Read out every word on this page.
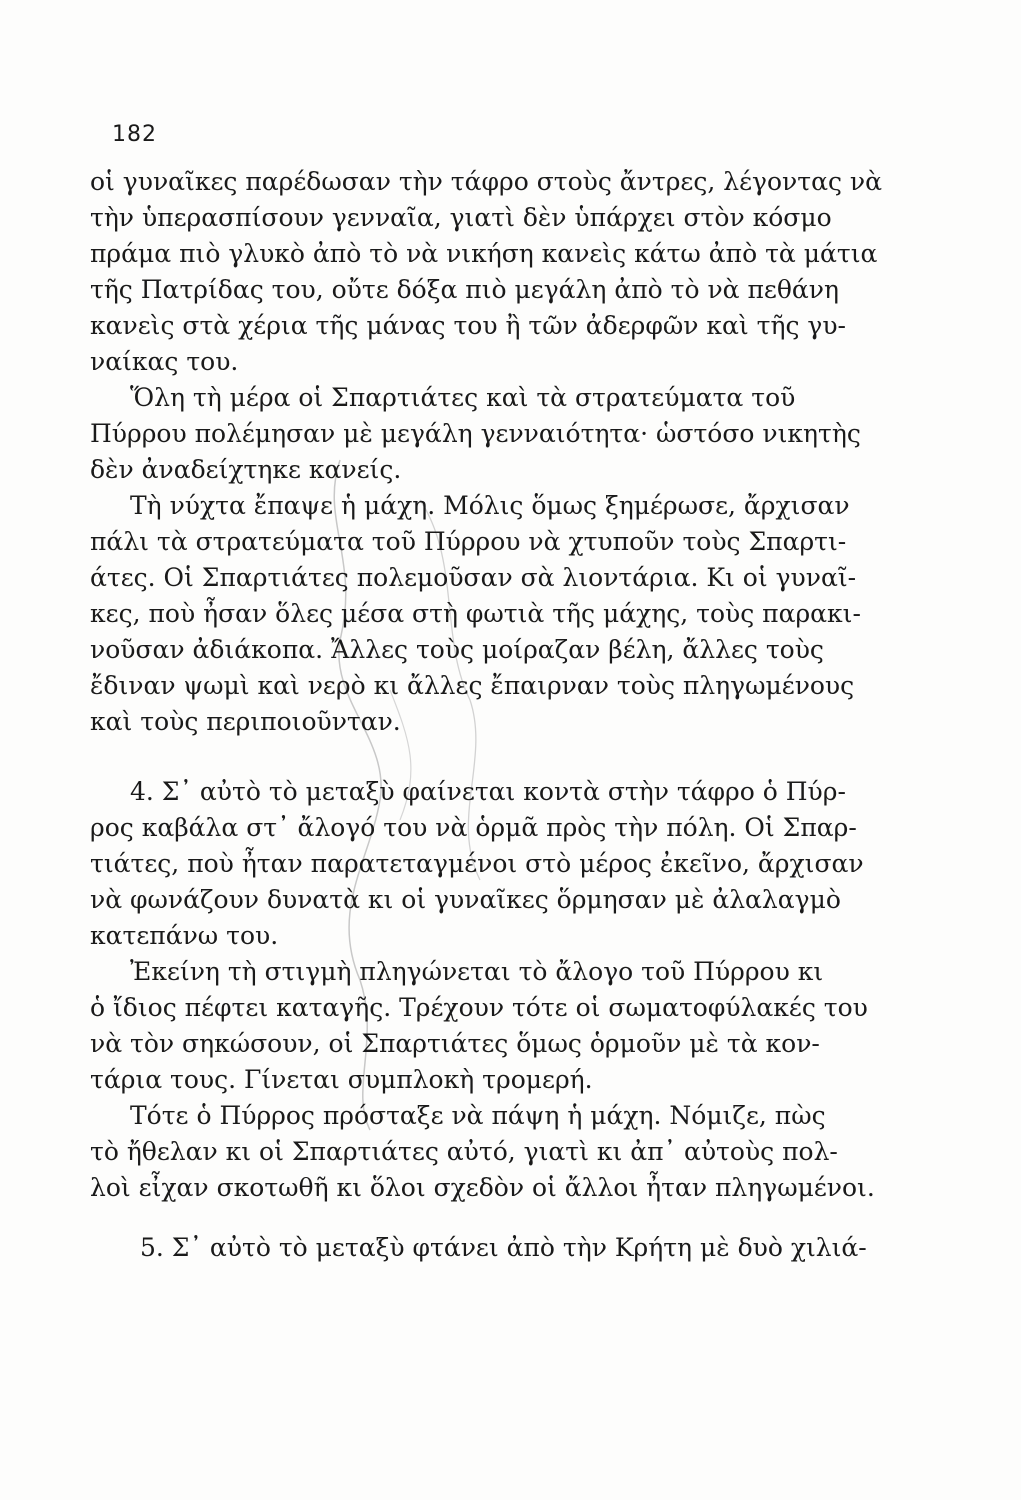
182
οἱ γυναῖκες παρέδωσαν τὴν τάφρο στοὺς ἄντρες, λέγοντας νὰ
τὴν ὑπερασπίσουν γενναῖα, γιατὶ δὲν ὑπάρχει στὸν κόσμο
πράμα πιὸ γλυκὸ ἀπὸ τὸ νὰ νικήση κανεὶς κάτω ἀπὸ τὰ μάτια
τῆς Πατρίδας του, οὔτε δόξα πιὸ μεγάλη ἀπὸ τὸ νὰ πεθάνη
κανεὶς στὰ χέρια τῆς μάνας του ἢ τῶν ἀδερφῶν καὶ τῆς γυ-
ναίκας του.
Ὅλη τὴ μέρα οἱ Σπαρτιάτες καὶ τὰ στρατεύματα τοῦ
Πύρρου πολέμησαν μὲ μεγάλη γενναιότητα· ὡστόσο νικητὴς
δὲν ἀναδείχτηκε κανείς.
Τὴ νύχτα ἔπαψε ἡ μάχη. Μόλις ὅμως ξημέρωσε, ἄρχισαν
πάλι τὰ στρατεύματα τοῦ Πύρρου νὰ χτυποῦν τοὺς Σπαρτι-
άτες. Οἱ Σπαρτιάτες πολεμοῦσαν σὰ λιοντάρια. Κι οἱ γυναῖ-
κες, ποὺ ἦσαν ὅλες μέσα στὴ φωτιὰ τῆς μάχης, τοὺς παρακι-
νοῦσαν ἀδιάκοπα. Ἄλλες τοὺς μοίραζαν βέλη, ἄλλες τοὺς
ἔδιναν ψωμὶ καὶ νερὸ κι ἄλλες ἔπαιρναν τοὺς πληγωμένους
καὶ τοὺς περιποιοῦνταν.
4. Σ᾽ αὐτὸ τὸ μεταξὺ φαίνεται κοντὰ στὴν τάφρο ὁ Πύρ-
ρος καβάλα στ᾽ ἄλογό του νὰ ὁρμᾶ πρὸς τὴν πόλη. Οἱ Σπαρ-
τιάτες, ποὺ ἦταν παρατεταγμένοι στὸ μέρος ἐκεῖνο, ἄρχισαν
νὰ φωνάζουν δυνατὰ κι οἱ γυναῖκες ὅρμησαν μὲ ἀλαλαγμὸ
κατεπάνω του.
Ἐκείνη τὴ στιγμὴ πληγώνεται τὸ ἄλογο τοῦ Πύρρου κι
ὁ ἴδιος πέφτει καταγῆς. Τρέχουν τότε οἱ σωματοφύλακές του
νὰ τὸν σηκώσουν, οἱ Σπαρτιάτες ὅμως ὁρμοῦν μὲ τὰ κον-
τάρια τους. Γίνεται συμπλοκὴ τρομερή.
Τότε ὁ Πύρρος πρόσταξε νὰ πάψη ἡ μάχη. Νόμιζε, πὼς
τὸ ἤθελαν κι οἱ Σπαρτιάτες αὐτό, γιατὶ κι ἀπ᾽ αὐτοὺς πολ-
λοὶ εἶχαν σκοτωθῆ κι ὅλοι σχεδὸν οἱ ἄλλοι ἦταν πληγωμένοι.
5. Σ᾽ αὐτὸ τὸ μεταξὺ φτάνει ἀπὸ τὴν Κρήτη μὲ δυὸ χιλιά-
